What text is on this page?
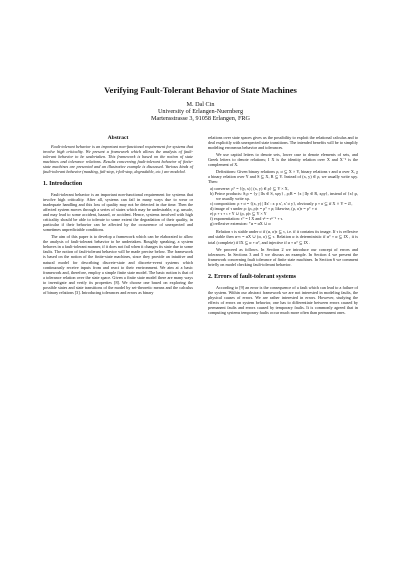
Verifying Fault-Tolerant Behavior of State Machines
M. Dal Cin
University of Erlangen-Nuernberg
Martensstrasse 3, 91058 Erlangen, FRG
Abstract

Fault-tolerant behavior is an important non-functional requirement for systems that involve high criticality. We present a framework which allows the analysis of fault-tolerant behavior to be undertaken. This framework is based on the notion of state machines and tolerance relations. Results concerning fault-tolerant behavior of finite-state machines are presented and an illustrative example is discussed. Various kinds of fault-tolerant behavior (masking, fail-stop, t-fail-stop, degradable, etc.) are modeled.

1. Introduction

Fault-tolerant behavior is an important non-functional requirement for systems that involve high criticality. After all, systems can fail in many ways due to wear or inadequate handling and this loss of quality may not be detected in due time. Then the affected system moves through a series of states which may be undesirable, e.g. unsafe, and may lead to some accident, hazard, or accident. Hence, systems involved with high criticality should be able to tolerate to some extent the degradation of their quality, in particular if their behavior can be affected by the occurrence of unexpected and sometimes unpredictable conditions.

The aim of this paper is to develop a framework which can be elaborated to allow the analysis of fault-tolerant behavior to be undertaken. Roughly speaking, a system behaves in a fault-tolerant manner, if it does not fail when it changes its state due to some faults. The notion of fault-tolerant behavior will be made precise below. The framework is based on the notion of the finite-state machines, since they provide an intuitive and natural model for describing discrete-state and discrete-event systems which continuously receive inputs from and react to their environment. We aim at a basic framework and, therefore, employ a simple finite state model. The basic notion is that of a tolerance relation over the state space. Given a finite state model there are many ways to investigate and verify its properties [8]. We choose one based on exploring the possible states and state transitions of the model by set-theoretic means and the calculus of binary relations [3]. Introducing tolerances and errors as binary

relations over state spaces gives us the possibility to exploit the relational calculus and to deal explicitly with unexpected state transitions. The intended benefits will be to simplify modeling erroneous behavior and tolerances.

We use capital letters to denote sets, lower case to denote elements of sets, and Greek letters to denote relations; I X is the identity relation over X and X⁻¹ is the complement of X.

Definitions: Given binary relations ρ, σ ⊆ X × Y, binary relations τ and α over X, χ a binary relation over Y and S ⊆ X, R ⊆ Y. Instead of (x, y) ∈ ρ, we usually write xρy. Then:

a) converse: ρ° = {(y, x) | (x, y) ∈ ρ} ⊆ Y × X,
b) Peirce products: S;ρ = {y | ∃x ∈ S, xρy} , ρ;R = {x | ∃y ∈ R, xρy}, instead of {x};ρ, we usually write xρ.
c) composition: ρ ∘ σ = {(x, y) | ∃x' : x ρ x', x' σ y}, obviously ρ ∘ σ ⊆ if X ∩ Y = ∅,
d) image of τ under ρ: (ρ, ρ)τ = ρ° ∘ ρ; likewise, (ρ, σ)τ = ρ° ∘ σ
e) ρ ∘ τ ∘ ι ∘ Y ∪ (ρ, ρ)τ ⊆ Y × Y
f) exponentiation: τ⁰ = I X and τⁿ = τⁿ⁻¹ ∘ τ.
g) reflexive extension: ⁺α = αX ∪ α

Relation τ is stable under σ if (α, σ)τ ⊆ τ, i.e. if it contains its image. If τ is reflexive and stable then α∘τ = αX ∪ (α, σ) ⊆ τ. Relation α is deterministic if α° ∘ α ⊆ IX , it is total (complete) if IX ⊆ α ∘ α°, and injective if α ∘ α° ⊆ IX .

We proceed as follows. In Section 2 we introduce our concept of errors and tolerances. In Sections 3 and 5 we discuss an example. In Section 4 we present the framework concerning fault tolerance of finite state machines. In Section 6 we comment briefly on model checking fault-tolerant behavior.

2. Errors of fault-tolerant systems

According to [9] an error is the consequence of a fault which can lead to a failure of the system. Within our abstract framework we are not interested in modeling faults, the physical causes of errors. We are rather interested in errors. However, studying the effects of errors on system behavior, one has to differentiate between errors caused by permanent faults and errors caused by temporary faults. It is commonly agreed that in computing systems temporary faults occur much more often than permanent ones.
